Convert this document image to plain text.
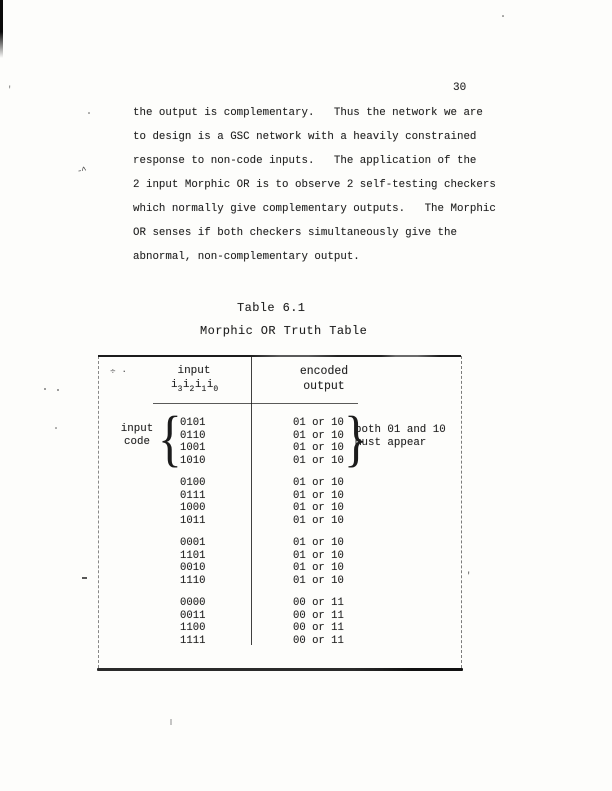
30
the output is complementary.   Thus the network we are
to design is a GSC network with a heavily constrained
response to non-code inputs.   The application of the
2 input Morphic OR is to observe 2 self-testing checkers
which normally give complementary outputs.   The Morphic
OR senses if both checkers simultaneously give the
abnormal, non-complementary output.
Table 6.1
Morphic OR Truth Table
input
$i_3i_2i_1i_0$
encoded
output
input
code {	}
both 01 and 10
must appear
0101	01 or 10
0110	01 or 10
1001	01 or 10
1010	01 or 10
0100	01 or 10
0111	01 or 10
1000	01 or 10
1011	01 or 10
0001	01 or 10
1101	01 or 10
0010	01 or 10
1110	01 or 10
0000	00 or 11
0011	00 or 11
1100	00 or 11
1111	00 or 11
-^
÷ ·
'
'
